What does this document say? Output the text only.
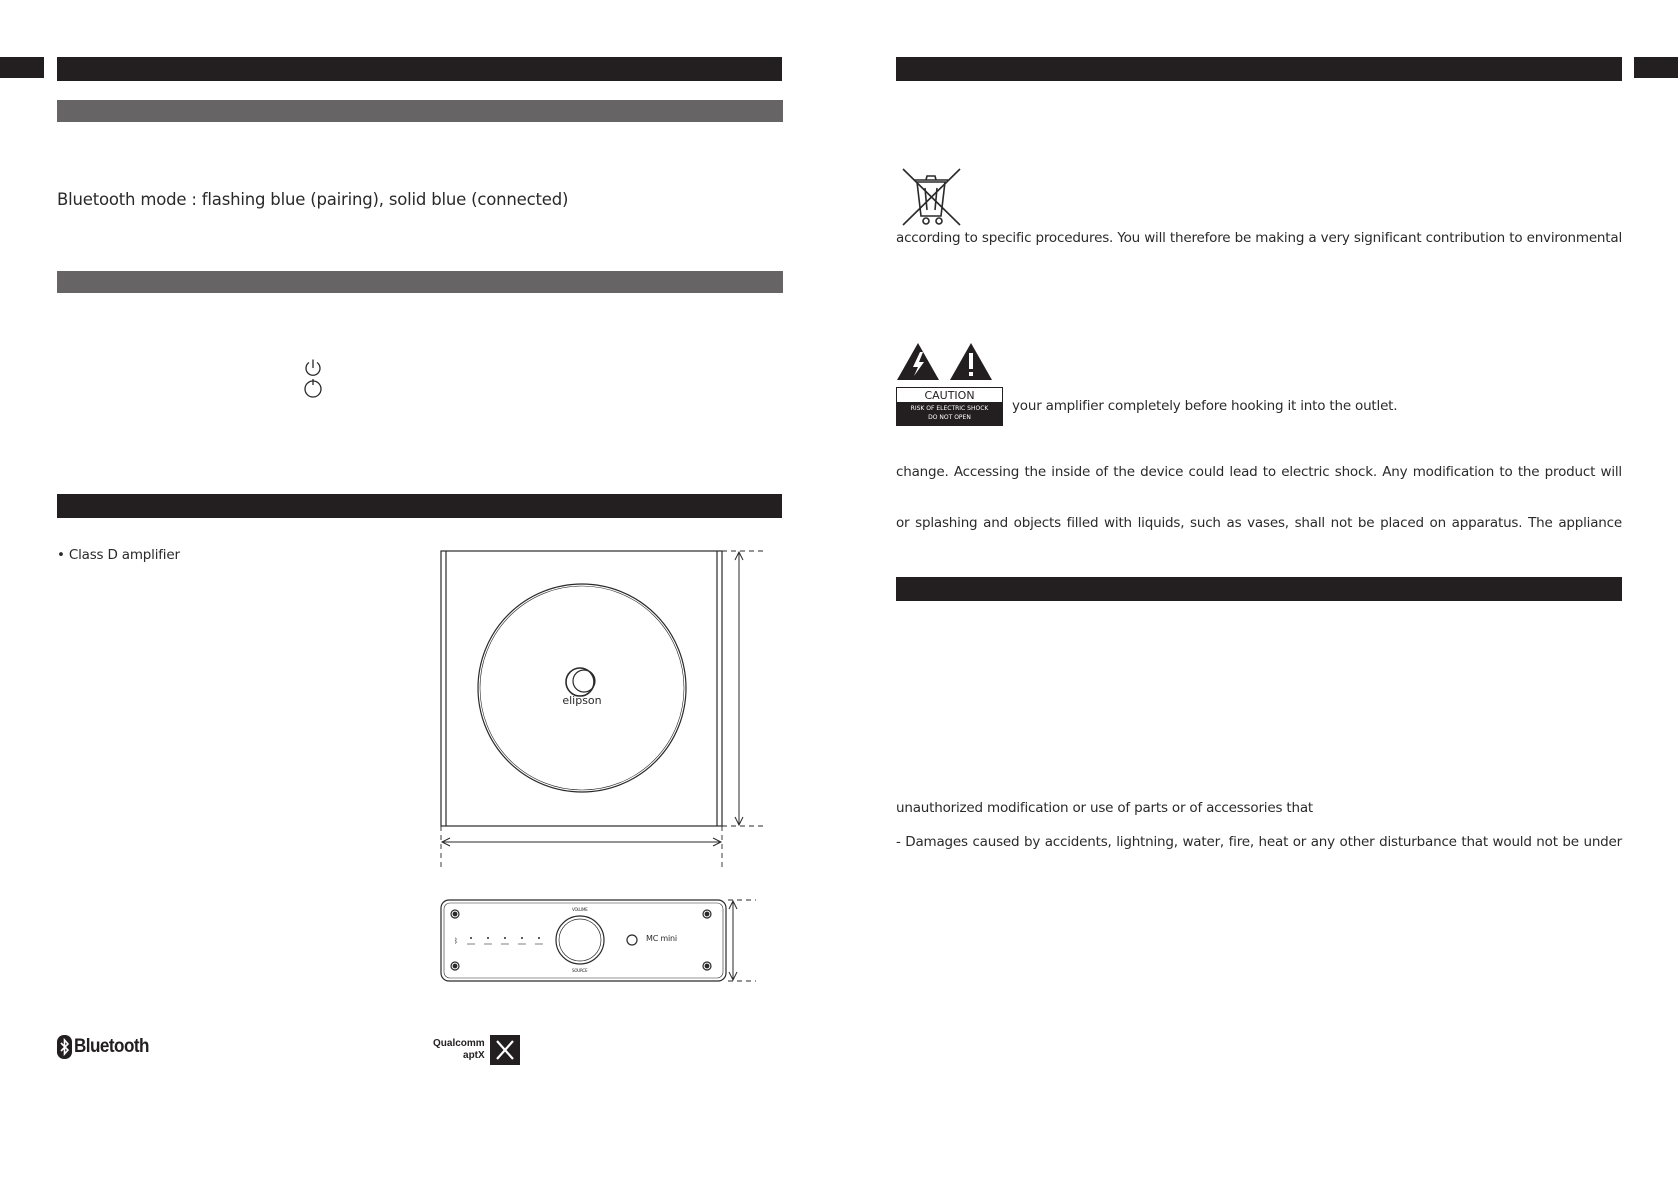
Bluetooth mode : flashing blue (pairing), solid blue (connected)
• Class D amplifier
elipson
ᛒ
VOLUME
SOURCE
MC mini
Bluetooth	Qualcomm
aptX
according to specific procedures. You will therefore be making a very significant contribution to environmental
CAUTION
RISK OF ELECTRIC SHOCK
DO NOT OPEN
your amplifier completely before hooking it into the outlet.
change. Accessing the inside of the device could lead to electric shock. Any modification to the product will
or splashing and objects filled with liquids, such as vases, shall not be placed on apparatus. The appliance
unauthorized modification or use of parts or of accessories that
- Damages caused by accidents, lightning, water, fire, heat or any other disturbance that would not be under
